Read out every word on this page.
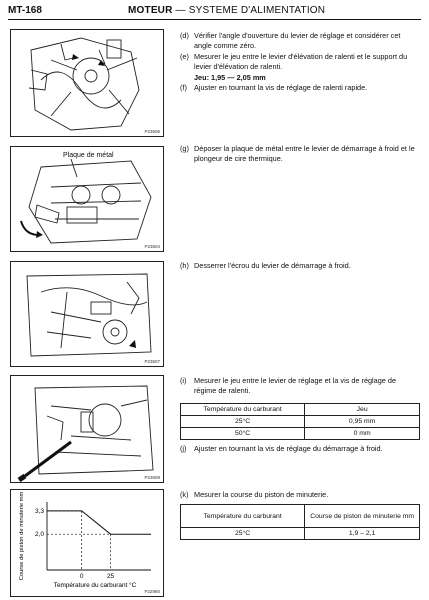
MT-168	MOTEUR — SYSTEME D'ALIMENTATION
P23606
Plaque de métal
P23604
P23607
P23608
3,3
2,0
0	25
Température du carburant °C
Course de piston de minuterie mm
P22960
(d) Vérifier l'angle d'ouverture du levier de réglage et considérer cet angle comme zéro.
(e) Mesurer le jeu entre le levier d'élévation de ralenti et le support du levier d'élévation de ralenti.
Jeu: 1,95 — 2,05 mm
(f) Ajuster en tournant la vis de réglage de ralenti rapide.
(g) Déposer la plaque de métal entre le levier de démarrage à froid et le plongeur de cire thermique.
(h) Desserrer l'écrou du levier de démarrage à froid.
(i) Mesurer le jeu entre le levier de réglage et la vis de réglage de régime de ralenti.
Température du carburant	Jeu
25°C	0,95 mm
50°C	0 mm
(j) Ajuster en tournant la vis de réglage du démarrage à froid.
(k) Mesurer la course du piston de minuterie.
Température du carburant	Course de piston de minuterie mm
25°C	1,9 – 2,1
